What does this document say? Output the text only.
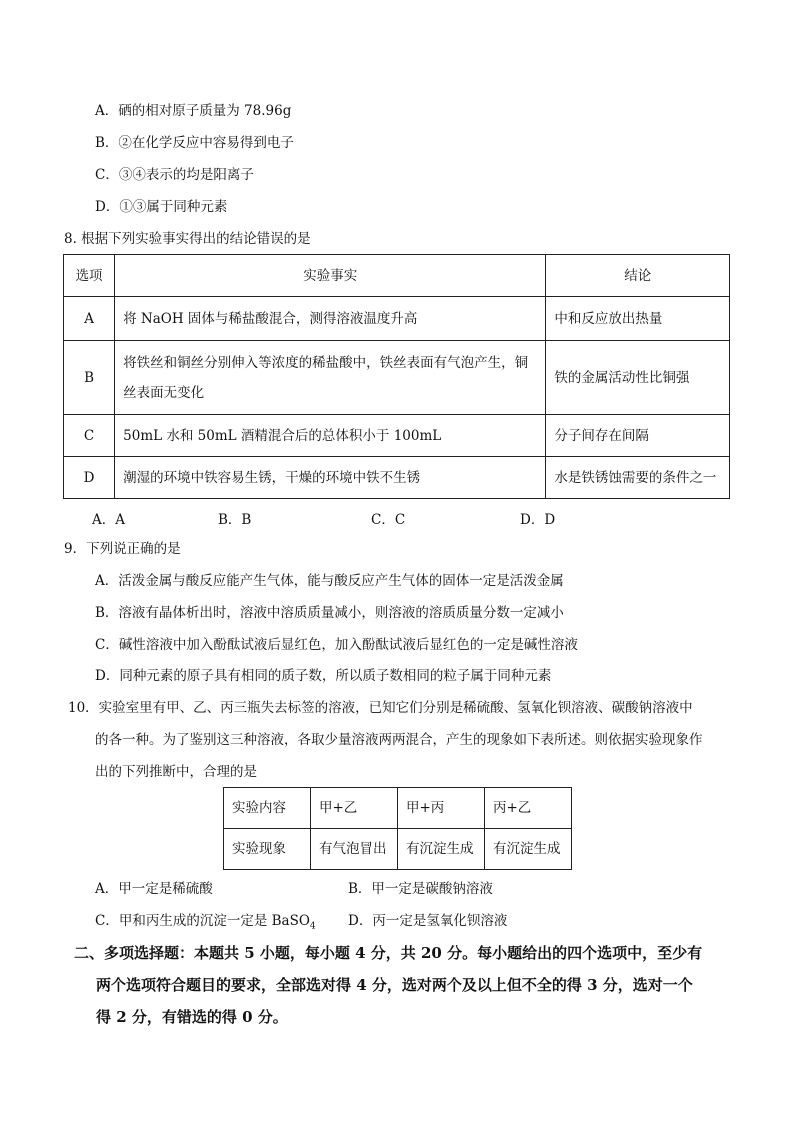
A．硒的相对原子质量为 78.96g
B．②在化学反应中容易得到电子
C．③④表示的均是阳离子
D．①③属于同种元素
8. 根据下列实验事实得出的结论错误的是
选项	实验事实	结论
A	将 NaOH 固体与稀盐酸混合，测得溶液温度升高	中和反应放出热量
B	将铁丝和铜丝分别伸入等浓度的稀盐酸中，铁丝表面有气泡产生，铜
丝表面无变化	铁的金属活动性比铜强
C	50mL 水和 50mL 酒精混合后的总体积小于 100mL	分子间存在间隔
D	潮湿的环境中铁容易生锈，干燥的环境中铁不生锈	水是铁锈蚀需要的条件之一
A．A	B．B	C．C	D．D
9．下列说正确的是
A．活泼金属与酸反应能产生气体，能与酸反应产生气体的固体一定是活泼金属
B．溶液有晶体析出时，溶液中溶质质量减小，则溶液的溶质质量分数一定减小
C．碱性溶液中加入酚酞试液后显红色，加入酚酞试液后显红色的一定是碱性溶液
D．同种元素的原子具有相同的质子数，所以质子数相同的粒子属于同种元素
10．实验室里有甲、乙、丙三瓶失去标签的溶液，已知它们分别是稀硫酸、氢氧化钡溶液、碳酸钠溶液中
的各一种。为了鉴别这三种溶液，各取少量溶液两两混合，产生的现象如下表所述。则依据实验现象作
出的下列推断中，合理的是
实验内容	甲+乙	甲+丙	丙+乙
实验现象	有气泡冒出	有沉淀生成	有沉淀生成
A．甲一定是稀硫酸	B．甲一定是碳酸钠溶液
C．甲和丙生成的沉淀一定是 BaSO$_4$ D．丙一定是氢氧化钡溶液
二、多项选择题：本题共 5 小题，每小题 4 分，共 20 分。每小题给出的四个选项中，至少有
两个选项符合题目的要求，全部选对得 4 分，选对两个及以上但不全的得 3 分，选对一个
得 2 分，有错选的得 0 分。
